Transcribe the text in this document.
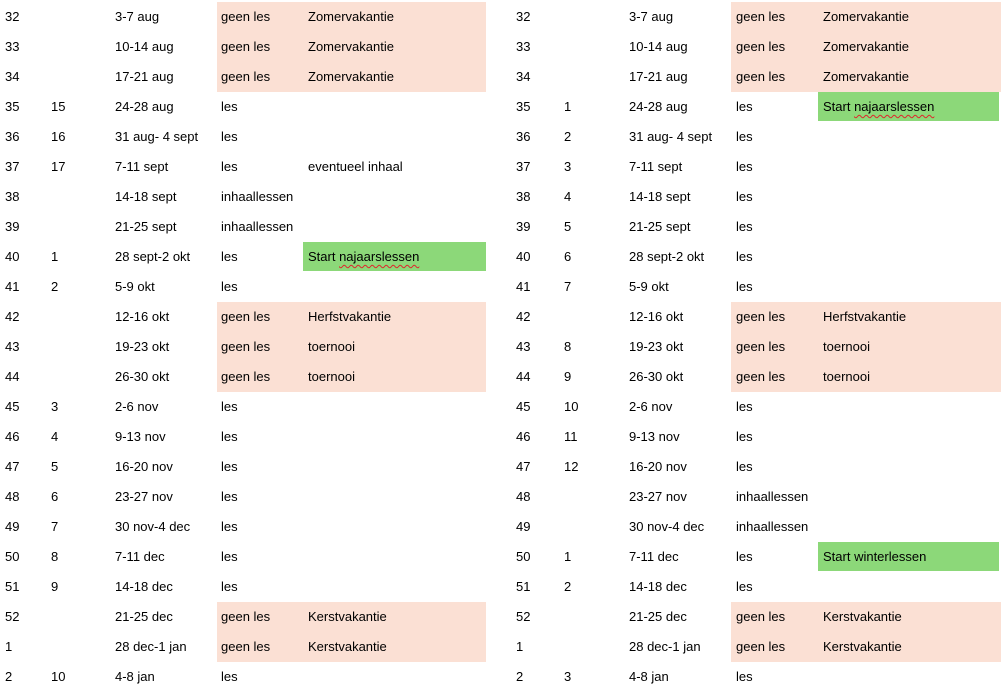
32	3-7 aug	geen les	Zomervakantie
33	10-14 aug	geen les	Zomervakantie
34	17-21 aug	geen les	Zomervakantie
35 15	24-28 aug	les
36 16	31 aug- 4 sept les
37 17	7-11 sept	les	eventueel inhaal
38	14-18 sept	inhaallessen
39	21-25 sept	inhaallessen
40 1	28 sept-2 okt les	Start najaarslessen
41 2	5-9 okt	les
42	12-16 okt	geen les	Herfstvakantie
43	19-23 okt	geen les	toernooi
44	26-30 okt	geen les	toernooi
45 3	2-6 nov	les
46 4	9-13 nov	les
47 5	16-20 nov	les
48 6	23-27 nov	les
49 7	30 nov-4 dec les
50 8	7-11 dec	les
51 9	14-18 dec	les
52	21-25 dec	geen les	Kerstvakantie
1	28 dec-1 jan	geen les	Kerstvakantie
2	10	4-8 jan	les
32	3-7 aug	geen les	Zomervakantie
33	10-14 aug	geen les	Zomervakantie
34	17-21 aug	geen les	Zomervakantie
35	1	24-28 aug	les	Start najaarslessen
36	2	31 aug- 4 sept les
37	3	7-11 sept	les
38	4	14-18 sept	les
39	5	21-25 sept	les
40	6	28 sept-2 okt les
41	7	5-9 okt	les
42	12-16 okt	geen les	Herfstvakantie
43	8	19-23 okt	geen les	toernooi
44	9	26-30 okt	geen les	toernooi
45	10	2-6 nov	les
46	11	9-13 nov	les
47	12	16-20 nov	les
48	23-27 nov	inhaallessen
49	30 nov-4 dec inhaallessen
50	1	7-11 dec	les	Start winterlessen
51	2	14-18 dec	les
52	21-25 dec	geen les	Kerstvakantie
1	28 dec-1 jan	geen les	Kerstvakantie
2	3	4-8 jan	les
